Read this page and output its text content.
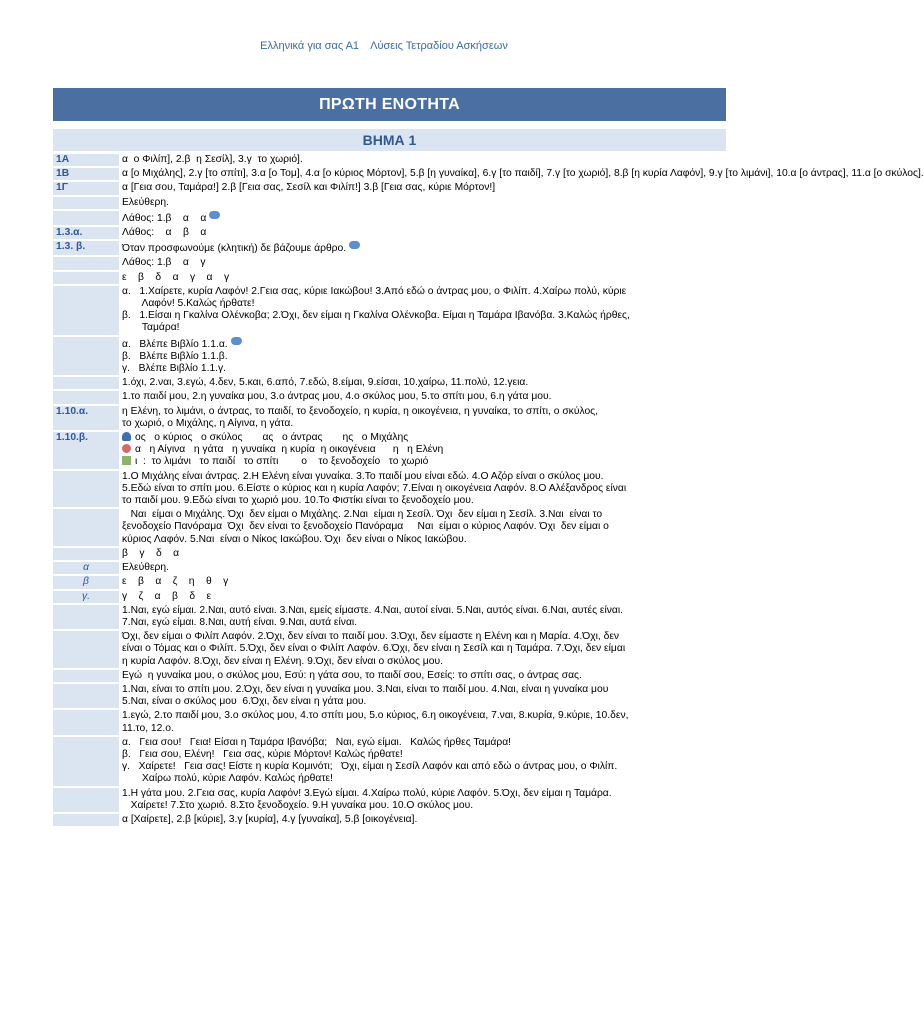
Ελληνικά για σας Α1 Λύσεις Τετραδίου Ασκήσεων
ΠΡΩΤΗ ΕΝΟΤΗΤΑ
ΒΗΜΑ 1
1Α	α  ο Φιλίπ], 2.β  η Σεσίλ], 3.γ  το χωριό].

1Β	α [ο Μιχάλης], 2.γ [το σπίτι], 3.α [ο Τομ], 4.α [ο κύριος Μόρτον], 5.β [η γυναίκα], 6.γ [το παιδί], 7.γ [το χωριό], 8.β [η κυρία Λαφόν], 9.γ [το λιμάνι], 10.α [ο άντρας], 11.α [ο σκύλος].

1Γ	α [Γεια σου, Ταμάρα!] 2.β [Γεια σας, Σεσίλ και Φιλίπ!] 3.β [Γεια σας, κύριε Μόρτον!]

	Ελεύθερη.

	Λάθος: 1.β    α    α

1.3.α.	Λάθος:    α    β    α

1.3. β.	Όταν προσφωνούμε (κλητική) δε βάζουμε άρθρο.

	Λάθος: 1.β    α    γ

	ε    β    δ    α    γ    α    γ

	α.   1.Χαίρετε, κυρία Λαφόν! 2.Γεια σας, κύριε Ιακώβου! 3.Από εδώ ο άντρας μου, ο Φιλίπ. 4.Χαίρω πολύ, κύριε
Λαφόν! 5.Καλώς ήρθατε!
β.   1.Είσαι η Γκαλίνα Ολένκοβα; 2.Όχι, δεν είμαι η Γκαλίνα Ολένκοβα. Είμαι η Ταμάρα Ιβανόβα. 3.Καλώς ήρθες,
Ταμάρα!

	α.   Βλέπε Βιβλίο 1.1.α.
β.   Βλέπε Βιβλίο 1.1.β.
γ.   Βλέπε Βιβλίο 1.1.γ.

	1.όχι, 2.ναι, 3.εγώ, 4.δεν, 5.και, 6.από, 7.εδώ, 8.είμαι, 9.είσαι, 10.χαίρω, 11.πολύ, 12.γεια.

	1.το παιδί μου, 2.η γυναίκα μου, 3.ο άντρας μου, 4.ο σκύλος μου, 5.το σπίτι μου, 6.η γάτα μου.

1.10.α.	η Ελένη, το λιμάνι, ο άντρας, το παιδί, το ξενοδοχείο, η κυρία, η οικογένεια, η γυναίκα, το σπίτι, ο σκύλος,
το χωριό, ο Μιχάλης, η Αίγινα, η γάτα.

1.10.β.	ος   ο κύριος   ο σκύλος       ας   ο άντρας       ης   ο Μιχάλης
α   η Αίγινα   η γάτα   η γυναίκα  η κυρία  η οικογένεια      η   η Ελένη
ι  :  το λιμάνι   το παιδί   το σπίτι        ο    το ξενοδοχείο   το χωριό

	1.Ο Μιχάλης είναι άντρας. 2.Η Ελένη είναι γυναίκα. 3.Το παιδί μου είναι εδώ. 4.Ο Αζόρ είναι ο σκύλος μου.
5.Εδώ είναι το σπίτι μου. 6.Είστε ο κύριος και η κυρία Λαφόν; 7.Είναι η οικογένεια Λαφόν. 8.Ο Αλέξανδρος είναι
το παιδί μου. 9.Εδώ είναι το χωριό μου. 10.Το Φιστίκι είναι το ξενοδοχείο μου.

	Ναι  είμαι ο Μιχάλης. Όχι  δεν είμαι ο Μιχάλης. 2.Ναι  είμαι η Σεσίλ. Όχι  δεν είμαι η Σεσίλ. 3.Ναι  είναι το
ξενοδοχείο Πανόραμα  Όχι  δεν είναι το ξενοδοχείο Πανόραμα     Ναι  είμαι ο κύριος Λαφόν. Όχι  δεν είμαι ο
κύριος Λαφόν. 5.Ναι  είναι ο Νίκος Ιακώβου. Όχι  δεν είναι ο Νίκος Ιακώβου.

	β    γ    δ    α

α	Ελεύθερη.

β	ε    β    α    ζ    η    θ    γ

γ.	γ    ζ    α    β    δ    ε

	1.Ναι, εγώ είμαι. 2.Ναι, αυτό είναι. 3.Ναι, εμείς είμαστε. 4.Ναι, αυτοί είναι. 5.Ναι, αυτός είναι. 6.Ναι, αυτές είναι.
7.Ναι, εγώ είμαι. 8.Ναι, αυτή είναι. 9.Ναι, αυτά είναι.

	Όχι, δεν είμαι ο Φιλίπ Λαφόν. 2.Όχι, δεν είναι το παιδί μου. 3.Όχι, δεν είμαστε η Ελένη και η Μαρία. 4.Όχι, δεν
είναι ο Τόμας και ο Φιλίπ. 5.Όχι, δεν είναι ο Φιλίπ Λαφόν. 6.Όχι, δεν είναι η Σεσίλ και η Ταμάρα. 7.Όχι, δεν είμαι
η κυρία Λαφόν. 8.Όχι, δεν είναι η Ελένη. 9.Όχι, δεν είναι ο σκύλος μου.

	Εγώ  η γυναίκα μου, ο σκύλος μου, Εσύ: η γάτα σου, το παιδί σου, Εσείς: το σπίτι σας, ο άντρας σας.

	1.Ναι, είναι το σπίτι μου. 2.Όχι, δεν είναι η γυναίκα μου. 3.Ναι, είναι το παιδί μου. 4.Ναι, είναι η γυναίκα μου
5.Ναι, είναι ο σκύλος μου  6.Όχι, δεν είναι η γάτα μου.

	1.εγώ, 2.το παιδί μου, 3.ο σκύλος μου, 4.το σπίτι μου, 5.ο κύριος, 6.η οικογένεια, 7.ναι, 8.κυρία, 9.κύριε, 10.δεν,
11.το, 12.ο.

	α.   Γεια σου!   Γεια! Είσαι η Ταμάρα Ιβανόβα;   Ναι, εγώ είμαι.   Καλώς ήρθες Ταμάρα!
β.   Γεια σου, Ελένη!   Γεια σας, κύριε Μόρτον! Καλώς ήρθατε!
γ.   Χαίρετε!   Γεια σας! Είστε η κυρία Κομινότι;   Όχι, είμαι η Σεσίλ Λαφόν και από εδώ ο άντρας μου, ο Φιλίπ.
Χαίρω πολύ, κύριε Λαφόν. Καλώς ήρθατε!

	1.Η γάτα μου. 2.Γεια σας, κυρία Λαφόν! 3.Εγώ είμαι. 4.Χαίρω πολύ, κύριε Λαφόν. 5.Όχι, δεν είμαι η Ταμάρα.
Χαίρετε! 7.Στο χωριό. 8.Στο ξενοδοχείο. 9.Η γυναίκα μου. 10.Ο σκύλος μου.

	α [Χαίρετε], 2.β [κύριε], 3.γ [κυρία], 4.γ [γυναίκα], 5.β [οικογένεια].
